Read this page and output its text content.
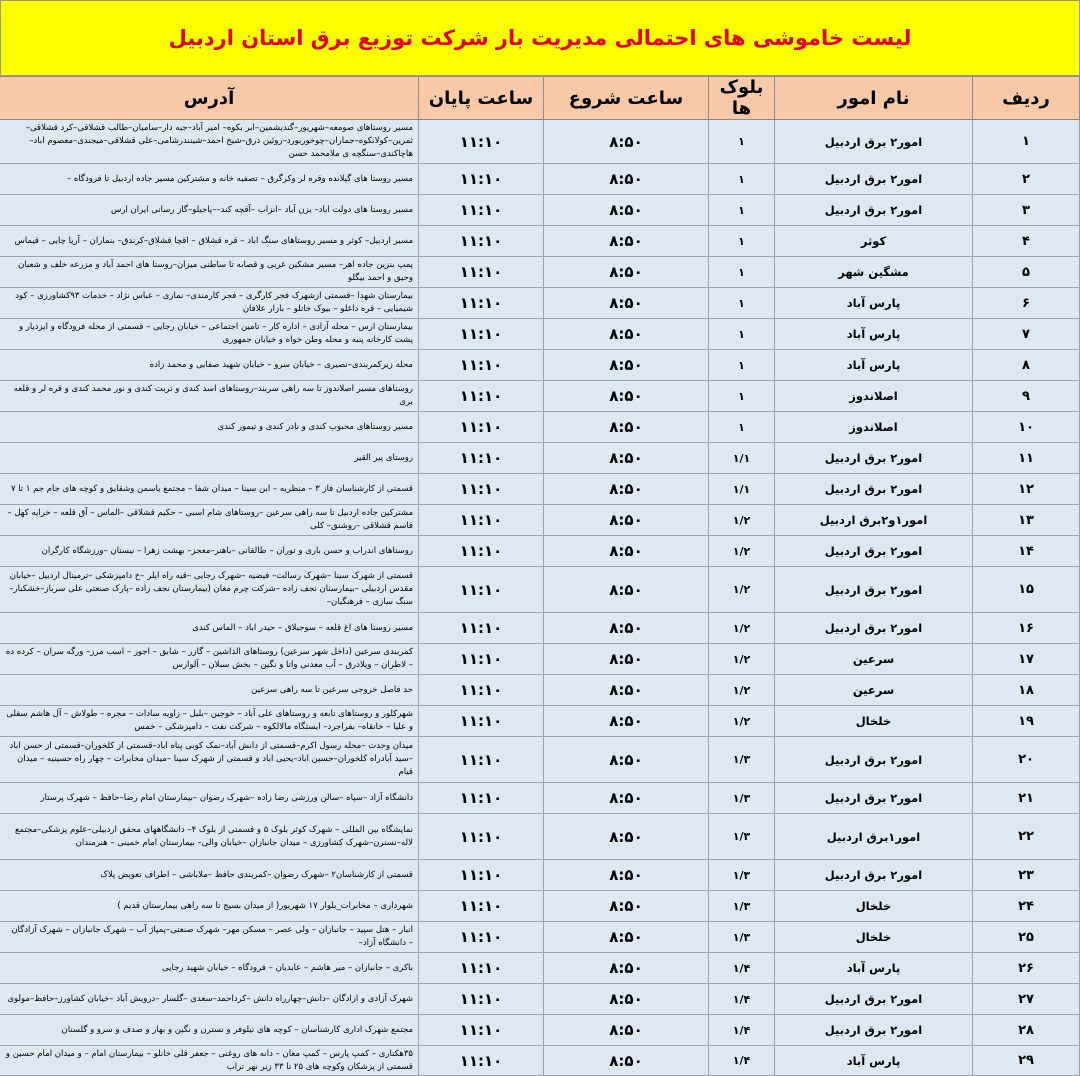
لیست خاموشی های احتمالی مدیریت بار شرکت توزیع برق استان اردبیل
ردیف	نام امور	بلوک ها	ساعت شروع	ساعت پایان	آدرس
۱	امور۲ برق اردبیل	۱	۸:۵۰	۱۱:۱۰	مسیر روستاهای صومعه–شهریور–گندبشمین–ابر بکوه– امیر آباد–جبه دار–سامیان–طالب قشلاقی–کرد قشلاقی–ثمرین–کولانکوه–جماران–چوخوربورد–روئین درق–شیخ احمد–شینندرشامی–علی قشلاقی–میجندی–معصوم اباد–هاچاکندی–سنگچه ی ملامحمد حسن
۲	امور۲ برق اردبیل	۱	۸:۵۰	۱۱:۱۰	مسیر روستا های گیلانده وقره لر وکرگرق – تصفیه خانه و مشترکین مسیر جاده اردبیل تا فرودگاه –
۳	امور۲ برق اردبیل	۱	۸:۵۰	۱۱:۱۰	مسیر روستا های دولت اباد– یزن آباد –انزاب –آقچه کند––پاجیلو–گاز رسانی ایران ارس
۴	کوثر	۱	۸:۵۰	۱۱:۱۰	مسیر اردبیل– کوثر و مسیر روستاهای سنگ اباد – قره قشلاق – اقچا قشلاق–کرندق– بنماران – آریا چایی – قیماس
۵	مشگین شهر	۱	۸:۵۰	۱۱:۱۰	پمپ بنزین جاده اهر– مسیر مشکین غربی و قصابه تا ساطنی میزان–روستا های احمد آباد و مزرعه خلف و شعبان وحیق و احمد بیگلو
۶	پارس آباد	۱	۸:۵۰	۱۱:۱۰	بیمارستان شهدا –قسمتی ازشهرک فجر کارگری – فجر کارمندی– نمازی – عباس نژاد – خدمات ۹۳کشاورزی – کود شیمیایی – قره داغلو – بیوک خانلو – بازار علافان
۷	پارس آباد	۱	۸:۵۰	۱۱:۱۰	بیمارستان ارس – محله آزادی – اداره کار – تامین اجتماعی – خیابان رجایی – قسمتی از محله فرودگاه و ایزدیار و پشت کارخانه پنبه و محله وطن خواه و خیابان جمهوری
۸	پارس آباد	۱	۸:۵۰	۱۱:۱۰	محله زیرکمربندی–نصیری – خیابان سرو – خیابان شهید صفایی و محمد زاده
۹	اصلاندوز	۱	۸:۵۰	۱۱:۱۰	روستاهای مسیر اصلاندوز تا سه راهی سربند–روستاهای اسد کندی و تربت کندی و نور محمد کندی و قره لر و قلعه بری
۱۰	اصلاندوز	۱	۸:۵۰	۱۱:۱۰	مسیر روستاهای محبوب کندی و نادر کندی و تیمور کندی
۱۱	امور۲ برق اردبیل	۱/۱	۸:۵۰	۱۱:۱۰	روستای پیر القیر
۱۲	امور۲ برق اردبیل	۱/۱	۸:۵۰	۱۱:۱۰	قسمتی از کارشناسان فاز ۳ – منظریه – ابن سینا – میدان شفا – مجتمع یاسمن وشقایق و کوچه های جام جم ۱ تا ۷
۱۳	امور۱و۲برق اردبیل	۱/۲	۸:۵۰	۱۱:۱۰	مشترکین جاده اردبیل تا سه راهی سرعین –روستاهای شام اسبی – حکیم قشلاقی –الماس – آق قلعه – خرابه کهل – قاسم قشلاقی –روشنق– کلی
۱۴	امور۲ برق اردبیل	۱/۲	۸:۵۰	۱۱:۱۰	روستاهای اندراب و حسن باری و توران – طالقانی –باهنر–معجز– بهشت زهرا – نیستان –ورزشگاه کارگران
۱۵	امور۲ برق اردبیل	۱/۲	۸:۵۰	۱۱:۱۰	قسمتی از شهرک سینا –شهرک رسالت– فیضیه –شهرک رجایی –قیه راه ایلر –خ دامپزشکی –ترمینال اردبیل –خیابان مقدس اردبیلی –بیمارستان نجف زاده –شرکت چرم مغان (بیمارستان نجف زاده –پارک صنعتی علی سرباز–خشکبار–سنگ سازی – فرهنگیان–
۱۶	امور۲ برق اردبیل	۱/۲	۸:۵۰	۱۱:۱۰	مسیر روستا های اغ قلعه – سوجبلاق – حیدر اباد – الماس کندی
۱۷	سرعین	۱/۲	۸:۵۰	۱۱:۱۰	کمربندی سرعین (داخل شهر سرعین) روستاهای الداشین – گازر – شابق – اجور – اسب مرز– ورگه سران – کرده ده – لاطران – ویلادرق – آب معدنی واتا و نگین – بخش سبلان – آلوارس
۱۸	سرعین	۱/۲	۸:۵۰	۱۱:۱۰	حد فاصل خروجی سرعین تا سه راهی سرعین
۱۹	خلخال	۱/۲	۸:۵۰	۱۱:۱۰	شهرکلور و روستاهای تابعه و روستاهای علی آباد – خوجین –بلبل – زاویه سادات – مجره – طولاش – آل هاشم سفلی و علیا – خانقاه– بفراجرد– ایستگاه مالالکوه – شرکت نفت – دامپزشکی – خمس
۲۰	امور۲ برق اردبیل	۱/۳	۸:۵۰	۱۱:۱۰	میدان وحدت –محله رسول اکرم–قسمتی از دانش آباد–نمک کوبی پناه اباد–قسمتی از کلخوران–قسمتی از حسن اباد –سید آبادراه کلخوران–حسین اباد–یحیی اباد و قسمتی از شهرک سینا –میدان مخابرات – چهار راه حسینیه – میدان قیام
۲۱	امور۲ برق اردبیل	۱/۳	۸:۵۰	۱۱:۱۰	دانشگاه آزاد –سپاه –سالن ورزشی رضا زاده –شهرک رضوان –بیمارستان امام رضا–حافظ – شهرک پرستار
۲۲	امور۱برق اردبیل	۱/۳	۸:۵۰	۱۱:۱۰	نمایشگاه بین المللی – شهرک کوثر بلوک ۵ و قسمتی از بلوک ۴– دانشگاههای محقق اردبیلی–علوم پزشکی–مجتمع لاله–نسترن–شهرک کشاورزی – میدان جانبازان –خیابان والی– بیمارستان امام خمینی – هنرمندان
۲۳	امور۲ برق اردبیل	۱/۳	۸:۵۰	۱۱:۱۰	قسمتی از کارشناسان۲ –شهرک رضوان –کمربندی حافظ –ملاباشی – اطراف تعویض پلاک
۲۴	خلخال	۱/۳	۸:۵۰	۱۱:۱۰	شهرداری – مخابرات_بلوار ۱۷ شهریور( از میدان بسیج تا سه راهی بیمارستان قدیم )
۲۵	خلخال	۱/۳	۸:۵۰	۱۱:۱۰	انبار – هتل سپید – جانبازان – ولی عصر – مسکن مهر– شهرک صنعتی–پمپاژ آب – شهرک جانبازان – شهرک آزادگان – دانشگاه آزاد–
۲۶	پارس آباد	۱/۴	۸:۵۰	۱۱:۱۰	باکری – جانبازان – میر هاشم – عابدیان – فرودگاه – خیابان شهید رجایی
۲۷	امور۲ برق اردبیل	۱/۴	۸:۵۰	۱۱:۱۰	شهرک آزادی و ازادگان –دانش–چهارراه دانش –کرداحمد–سعدی –گلسار –درویش آباد –خیابان کشاورز–حافظ–مولوی
۲۸	امور۲ برق اردبیل	۱/۴	۸:۵۰	۱۱:۱۰	مجتمع شهرک اداری کارشناسان – کوچه های نیلوفر و نسترن و نگین و بهار و صدف و سرو و گلستان
۲۹	پارس آباد	۱/۴	۸:۵۰	۱۱:۱۰	۳۵هکتاری – کمپ پارس – کمپ مغان – دانه های روغنی – جعفر قلی خانلو – بیمارستان امام – و میدان امام حسین و قسمتی از پزشکان وکوچه های ۲۵ تا ۳۳ زیر نهر تراب
